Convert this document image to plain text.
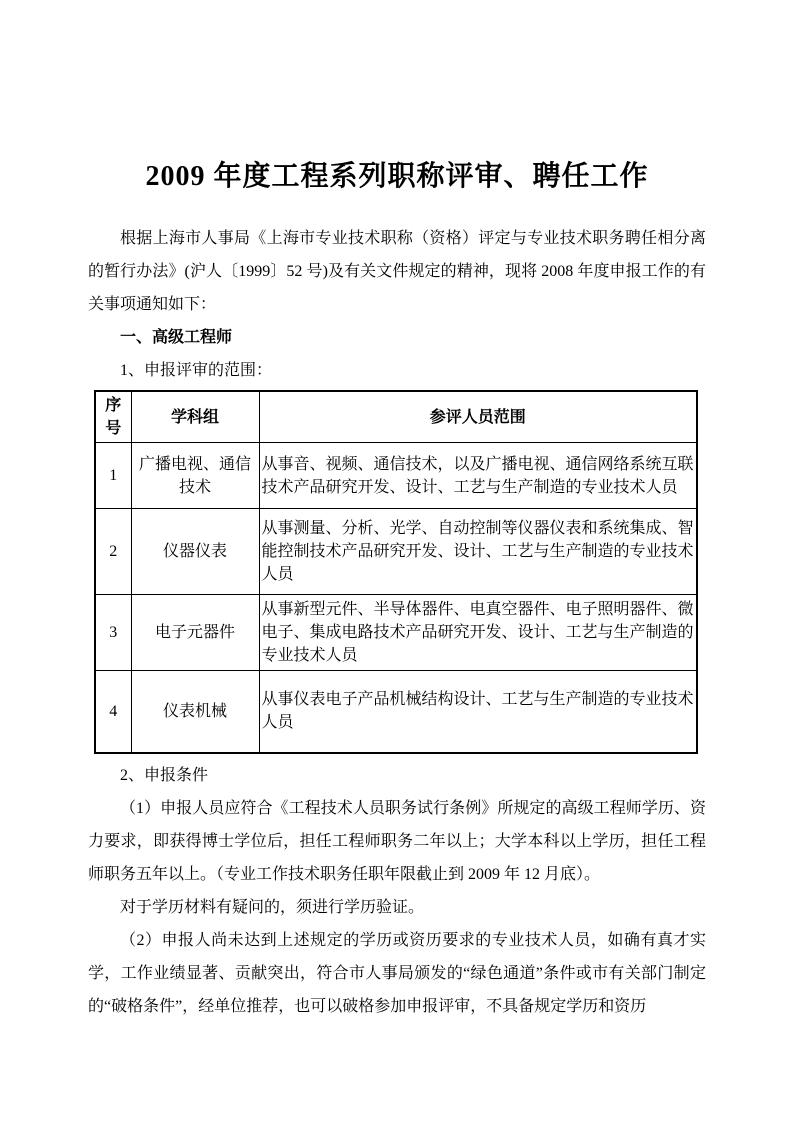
2009 年度工程系列职称评审、聘任工作

根据上海市人事局《上海市专业技术职称（资格）评定与专业技术职务聘任相分离的暂行办法》(沪人〔1999〕52 号)及有关文件规定的精神，现将 2008 年度申报工作的有关事项通知如下：

一、高级工程师

1、申报评审的范围：

序号	学科组	参评人员范围
1	广播电视、通信技术	从事音、视频、通信技术，以及广播电视、通信网络系统互联技术产品研究开发、设计、工艺与生产制造的专业技术人员
2	仪器仪表	从事测量、分析、光学、自动控制等仪器仪表和系统集成、智能控制技术产品研究开发、设计、工艺与生产制造的专业技术人员
3	电子元器件	从事新型元件、半导体器件、电真空器件、电子照明器件、微电子、集成电路技术产品研究开发、设计、工艺与生产制造的专业技术人员
4	仪表机械	从事仪表电子产品机械结构设计、工艺与生产制造的专业技术人员

2、申报条件

（1）申报人员应符合《工程技术人员职务试行条例》所规定的高级工程师学历、资力要求，即获得博士学位后，担任工程师职务二年以上；大学本科以上学历，担任工程师职务五年以上。（专业工作技术职务任职年限截止到 2009 年 12 月底）。

对于学历材料有疑问的，须进行学历验证。

（2）申报人尚未达到上述规定的学历或资历要求的专业技术人员，如确有真才实学，工作业绩显著、贡献突出，符合市人事局颁发的“绿色通道”条件或市有关部门制定的“破格条件”，经单位推荐，也可以破格参加申报评审，不具备规定学历和资历
